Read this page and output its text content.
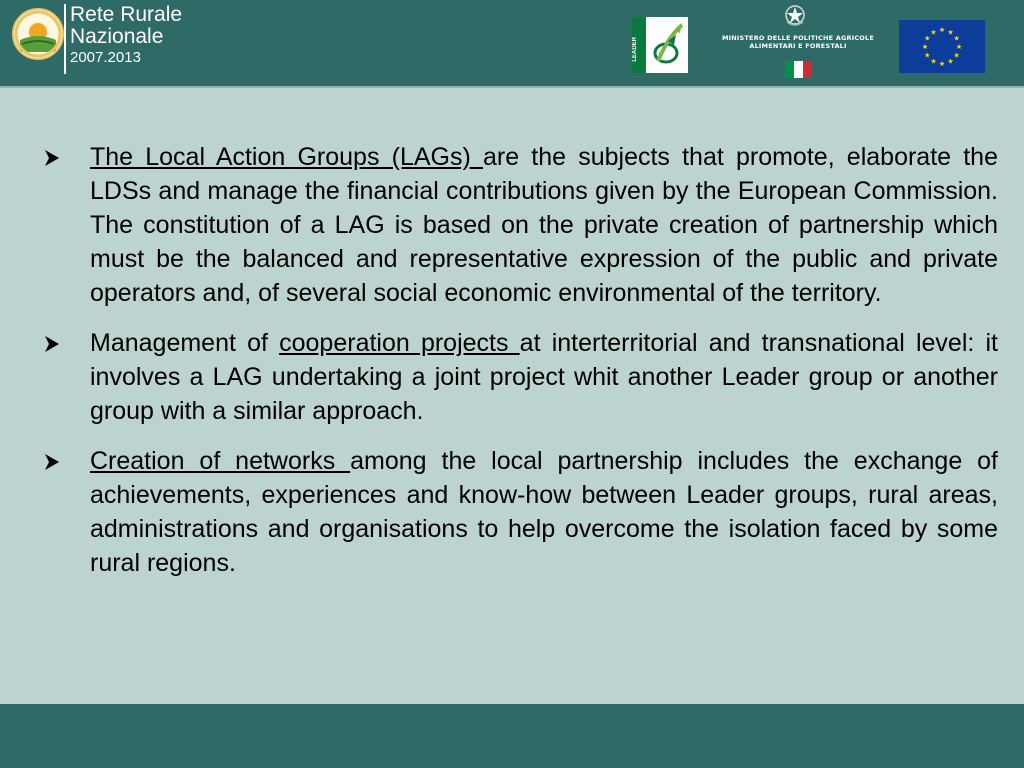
Rete Rurale
Nazionale
2007.2013	LEADER	MINISTERO DELLE POLITICHE AGRICOLE
ALIMENTARI E FORESTALI
★ ★
★
★
★
★
★
★
★
★
★
★

The Local Action Groups (LAGs) are the subjects that promote, elaborate the LDSs and manage the financial contributions given by the European Commission. The constitution of a LAG is based on the private creation of partnership which must be the balanced and representative expression of the public and private operators and, of several social economic environmental of the territory.

Management of cooperation projects at interterritorial and transnational level: it involves a LAG undertaking a joint project whit another Leader group or another group with a similar approach.

Creation of networks among the local partnership includes the exchange of achievements, experiences and know-how between Leader groups, rural areas, administrations and organisations to help overcome the isolation faced by some rural regions.
